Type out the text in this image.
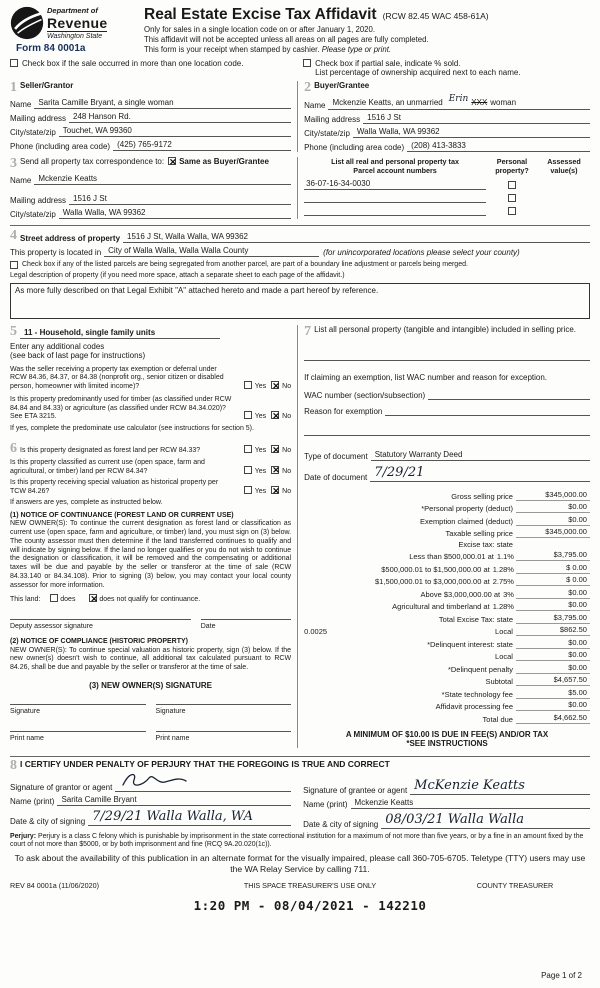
Department of
Revenue
Washington State
Form 84 0001a
Real Estate Excise Tax Affidavit (RCW 82.45 WAC 458-61A)
Only for sales in a single location code on or after January 1, 2020.
This affidavit will not be accepted unless all areas on all pages are fully completed.
This form is your receipt when stamped by cashier. Please type or print.
Check box if the sale occurred in more than one location code.	Check box if partial sale, indicate % sold.
List percentage of ownership acquired next to each name.
1 Seller/Grantor
Name Sarita Camille Bryant, a single woman
Mailing address 248 Hanson Rd.
City/state/zip Touchet, WA 99360
Phone (including area code) (425) 765-9172
2 Buyer/Grantee
Name Mckenzie Keatts, an unmarried Erin XXX woman
Mailing address 1516 J St
City/state/zip Walla Walla, WA 99362
Phone (including area code) (208) 413-3833
3 Send all property tax correspondence to: ✕ Same as Buyer/Grantee
Name Mckenzie Keatts
Mailing address 1516 J St
City/state/zip Walla Walla, WA 99362
List all real and personal property tax
Parcel account numbers
Personal property?
Assessed value(s)
36-07-16-34-0030
4 Street address of property 1516 J St, Walla Walla, WA 99362
This property is located in City of Walla Walla, Walla Walla County	(for unincorporated locations please select your county)
Check box if any of the listed parcels are being segregated from another parcel, are part of a boundary line adjustment or parcels being merged.
Legal description of property (if you need more space, attach a separate sheet to each page of the affidavit.)
As more fully described on that Legal Exhibit "A" attached hereto and made a part hereof by reference.
5 11 - Household, single family units
Enter any additional codes
(see back of last page for instructions)
Was the seller receiving a property tax exemption or deferral under RCW 84.36, 84.37, or 84.38 (nonprofit org., senior citizen or disabled person, homeowner with limited income)?	Yes ✕ No
Is this property predominantly used for timber (as classified under RCW 84.84 and 84.33) or agriculture (as classified under RCW 84.34.020)? See ETA 3215.	Yes ✕ No
If yes, complete the predominate use calculator (see instructions for section 5).
6 Is this property designated as forest land per RCW 84.33?	Yes ✕ No
Is this property classified as current use (open space, farm and agricultural, or timber) land per RCW 84.34?	Yes ✕ No
Is this property receiving special valuation as historical property per TCW 84.26?	Yes ✕ No
If answers are yes, complete as instructed below.
(1) NOTICE OF CONTINUANCE (FOREST LAND OR CURRENT USE)
NEW OWNER(S): To continue the current designation as forest land or classification as current use (open space, farm and agriculture, or timber) land, you must sign on (3) below. The county assessor must then determine if the land transferred continues to qualify and will indicate by signing below. If the land no longer qualifies or you do not wish to continue the designation or classification, it will be removed and the compensating or additional taxes will be due and payable by the seller or transferor at the time of sale (RCW 84.33.140 or 84.34.108). Prior to signing (3) below, you may contact your local county assessor for more information.
This land:	does ✕	does not qualify for continuance.
Deputy assessor signature	Date
(2) NOTICE OF COMPLIANCE (HISTORIC PROPERTY)
NEW OWNER(S): To continue special valuation as historic property, sign (3) below. If the new owner(s) doesn't wish to continue, all additional tax calculated pursuant to RCW 84.26, shall be due and payable by the seller or transferor at the time of sale.
(3) NEW OWNER(S) SIGNATURE
Signature	Signature
Print name	Print name
7 List all personal property (tangible and intangible) included in selling price.
If claiming an exemption, list WAC number and reason for exception.
WAC number (section/subsection)
Reason for exemption
Type of document Statutory Warranty Deed
Date of document 7/29/21
Gross selling price	$345,000.00
*Personal property (deduct)	$0.00
Exemption claimed (deduct)	$0.00
Taxable selling price	$345,000.00
Excise tax: state
Less than $500,000.01 at 1.1%	$3,795.00
$500,000.01 to $1,500,000.00 at 1.28%	$ 0.00
$1,500,000.01 to $3,000,000.00 at 2.75%	$ 0.00
Above $3,000,000.00 at 3%	$0.00
Agricultural and timberland at 1.28%	$0.00
Total Excise Tax: state	$3,795.00
0.0025	Local	$862.50
*Delinquent interest: state	$0.00
Local	$0.00
*Delinquent penalty	$0.00
Subtotal	$4,657.50
*State technology fee	$5.00
Affidavit processing fee	$0.00
Total due	$4,662.50
A MINIMUM OF $10.00 IS DUE IN FEE(S) AND/OR TAX
*SEE INSTRUCTIONS
8 I CERTIFY UNDER PENALTY OF PERJURY THAT THE FOREGOING IS TRUE AND CORRECT
Signature of grantor or agent
Name (print) Sarita Camille Bryant
Date & city of signing 7/29/21 Walla Walla, WA
Signature of grantee or agent McKenzie Keatts
Name (print) Mckenzie Keatts
Date & city of signing 08/03/21 Walla Walla
Perjury: Perjury is a class C felony which is punishable by imprisonment in the state correctional institution for a maximum of not more than five years, or by a fine in an amount fixed by the court of not more than $5000, or by both imprisonment and fine (RCQ 9A.20.020(1c)).
To ask about the availability of this publication in an alternate format for the visually impaired, please call 360-705-6705. Teletype (TTY) users may use the WA Relay Service by calling 711.
REV 84 0001a (11/06/2020)	THIS SPACE TREASURER'S USE ONLY
1:20 PM - 08/04/2021 - 142210
COUNTY TREASURER
Page 1 of 2
